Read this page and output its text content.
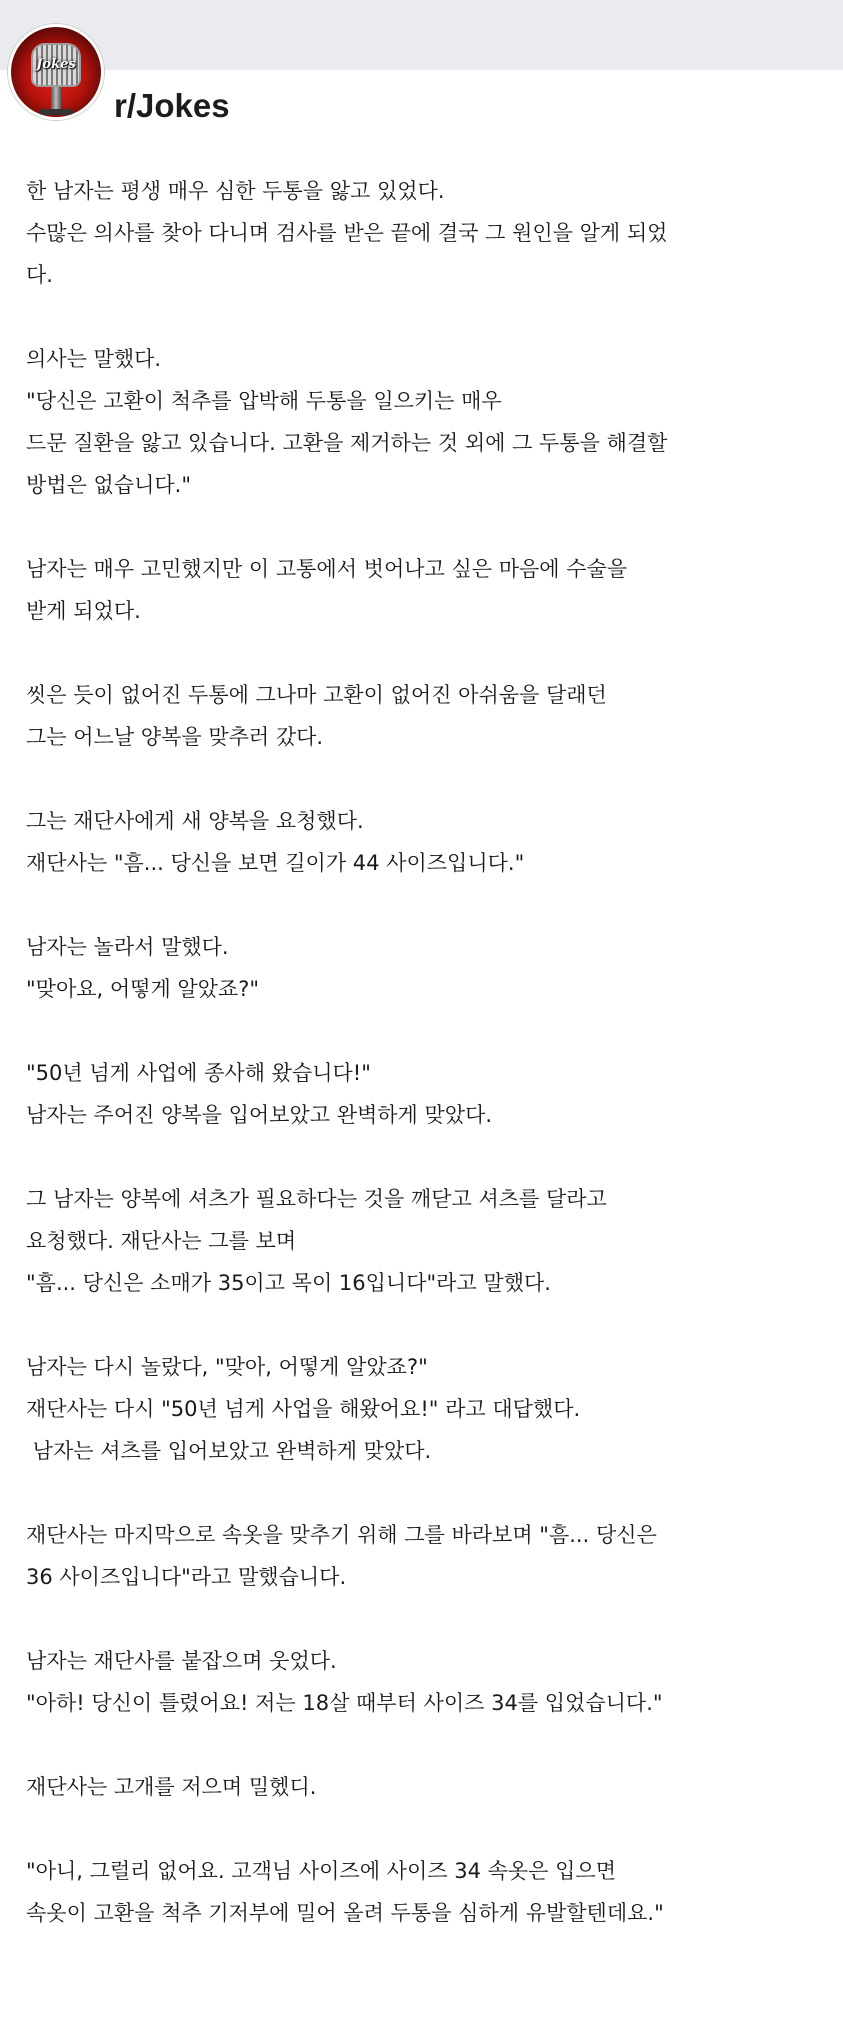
Jokes
r/Jokes
한 남자는 평생 매우 심한 두통을 앓고 있었다.
수많은 의사를 찾아 다니며 검사를 받은 끝에 결국 그 원인을 알게 되었
다.
의사는 말했다.
"당신은 고환이 척추를 압박해 두통을 일으키는 매우
드문 질환을 앓고 있습니다. 고환을 제거하는 것 외에 그 두통을 해결할
방법은 없습니다."
남자는 매우 고민했지만 이 고통에서 벗어나고 싶은 마음에 수술을
받게 되었다.
씻은 듯이 없어진 두통에 그나마 고환이 없어진 아쉬움을 달래던
그는 어느날 양복을 맞추러 갔다.
그는 재단사에게 새 양복을 요청했다.
재단사는 "흠... 당신을 보면 길이가 44 사이즈입니다."
남자는 놀라서 말했다.
"맞아요, 어떻게 알았죠?"
"50년 넘게 사업에 종사해 왔습니다!"
남자는 주어진 양복을 입어보았고 완벽하게 맞았다.
그 남자는 양복에 셔츠가 필요하다는 것을 깨닫고 셔츠를 달라고
요청했다. 재단사는 그를 보며
"흠... 당신은 소매가 35이고 목이 16입니다"라고 말했다.
남자는 다시 놀랐다, "맞아, 어떻게 알았죠?"
재단사는 다시 "50년 넘게 사업을 해왔어요!" 라고 대답했다.
남자는 셔츠를 입어보았고 완벽하게 맞았다.
재단사는 마지막으로 속옷을 맞추기 위해 그를 바라보며 "흠... 당신은
36 사이즈입니다"라고 말했습니다.
남자는 재단사를 붙잡으며 웃었다.
"아하! 당신이 틀렸어요! 저는 18살 때부터 사이즈 34를 입었습니다."
재단사는 고개를 저으며 밀헸디.
"아니, 그럴리 없어요. 고객님 사이즈에 사이즈 34 속옷은 입으면
속옷이 고환을 척추 기저부에 밀어 올려 두통을 심하게 유발할텐데요."
